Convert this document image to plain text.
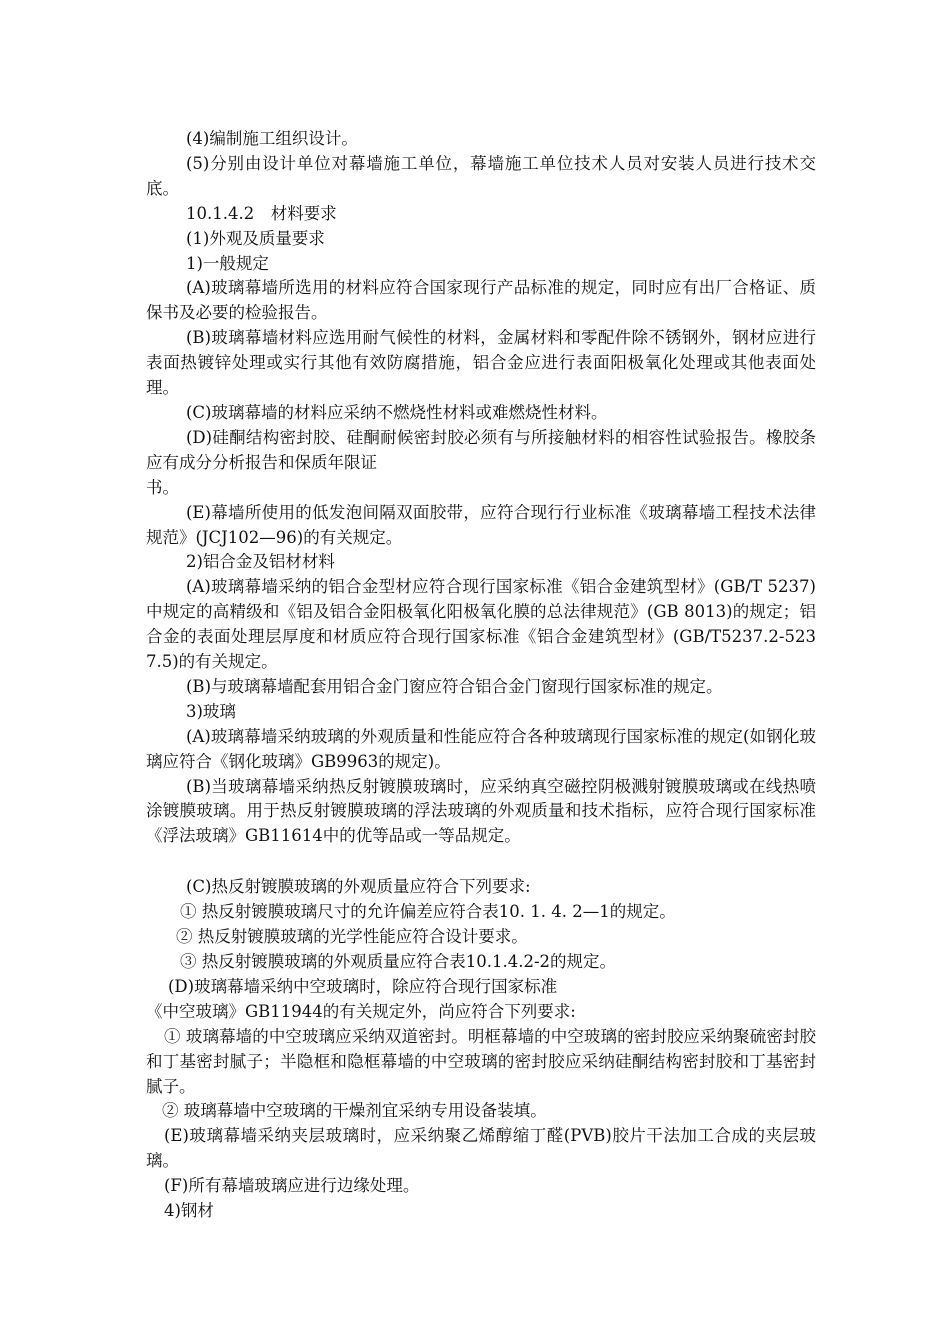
(4)编制施工组织设计。

(5)分别由设计单位对幕墙施工单位，幕墙施工单位技术人员对安装人员进行技术交底。

10.1.4.2　材料要求

(1)外观及质量要求

1)一般规定

(A)玻璃幕墙所选用的材料应符合国家现行产品标准的规定，同时应有出厂合格证、质保书及必要的检验报告。

(B)玻璃幕墙材料应选用耐气候性的材料，金属材料和零配件除不锈钢外，钢材应进行表面热镀锌处理或实行其他有效防腐措施，铝合金应进行表面阳极氧化处理或其他表面处理。

(C)玻璃幕墙的材料应采纳不燃烧性材料或难燃烧性材料。

(D)硅酮结构密封胶、硅酮耐候密封胶必须有与所接触材料的相容性试验报告。橡胶条应有成分分析报告和保质年限证

书。

(E)幕墙所使用的低发泡间隔双面胶带，应符合现行行业标准《玻璃幕墙工程技术法律规范》(JCJ102—96)的有关规定。

2)铝合金及铝材材料

(A)玻璃幕墙采纳的铝合金型材应符合现行国家标准《铝合金建筑型材》(GB/T 5237)中规定的高精级和《铝及铝合金阳极氧化阳极氧化膜的总法律规范》(GB 8013)的规定；铝合金的表面处理层厚度和材质应符合现行国家标准《铝合金建筑型材》(GB/T5237.2-5237.5)的有关规定。

(B)与玻璃幕墙配套用铝合金门窗应符合铝合金门窗现行国家标准的规定。

3)玻璃

(A)玻璃幕墙采纳玻璃的外观质量和性能应符合各种玻璃现行国家标准的规定(如钢化玻璃应符合《钢化玻璃》GB9963的规定)。

(B)当玻璃幕墙采纳热反射镀膜玻璃时，应采纳真空磁控阴极溅射镀膜玻璃或在线热喷涂镀膜玻璃。用于热反射镀膜玻璃的浮法玻璃的外观质量和技术指标，应符合现行国家标准《浮法玻璃》GB11614中的优等品或一等品规定。

(C)热反射镀膜玻璃的外观质量应符合下列要求:

① 热反射镀膜玻璃尺寸的允许偏差应符合表10. 1. 4. 2—1的规定。

② 热反射镀膜玻璃的光学性能应符合设计要求。

③ 热反射镀膜玻璃的外观质量应符合表10.1.4.2-2的规定。

(D)玻璃幕墙采纳中空玻璃时，除应符合现行国家标准

《中空玻璃》GB11944的有关规定外，尚应符合下列要求:

① 玻璃幕墙的中空玻璃应采纳双道密封。明框幕墙的中空玻璃的密封胶应采纳聚硫密封胶和丁基密封腻子；半隐框和隐框幕墙的中空玻璃的密封胶应采纳硅酮结构密封胶和丁基密封腻子。

② 玻璃幕墙中空玻璃的干燥剂宜采纳专用设备装填。

(E)玻璃幕墙采纳夹层玻璃时，应采纳聚乙烯醇缩丁醛(PVB)胶片干法加工合成的夹层玻璃。

(F)所有幕墙玻璃应进行边缘处理。

4)钢材
